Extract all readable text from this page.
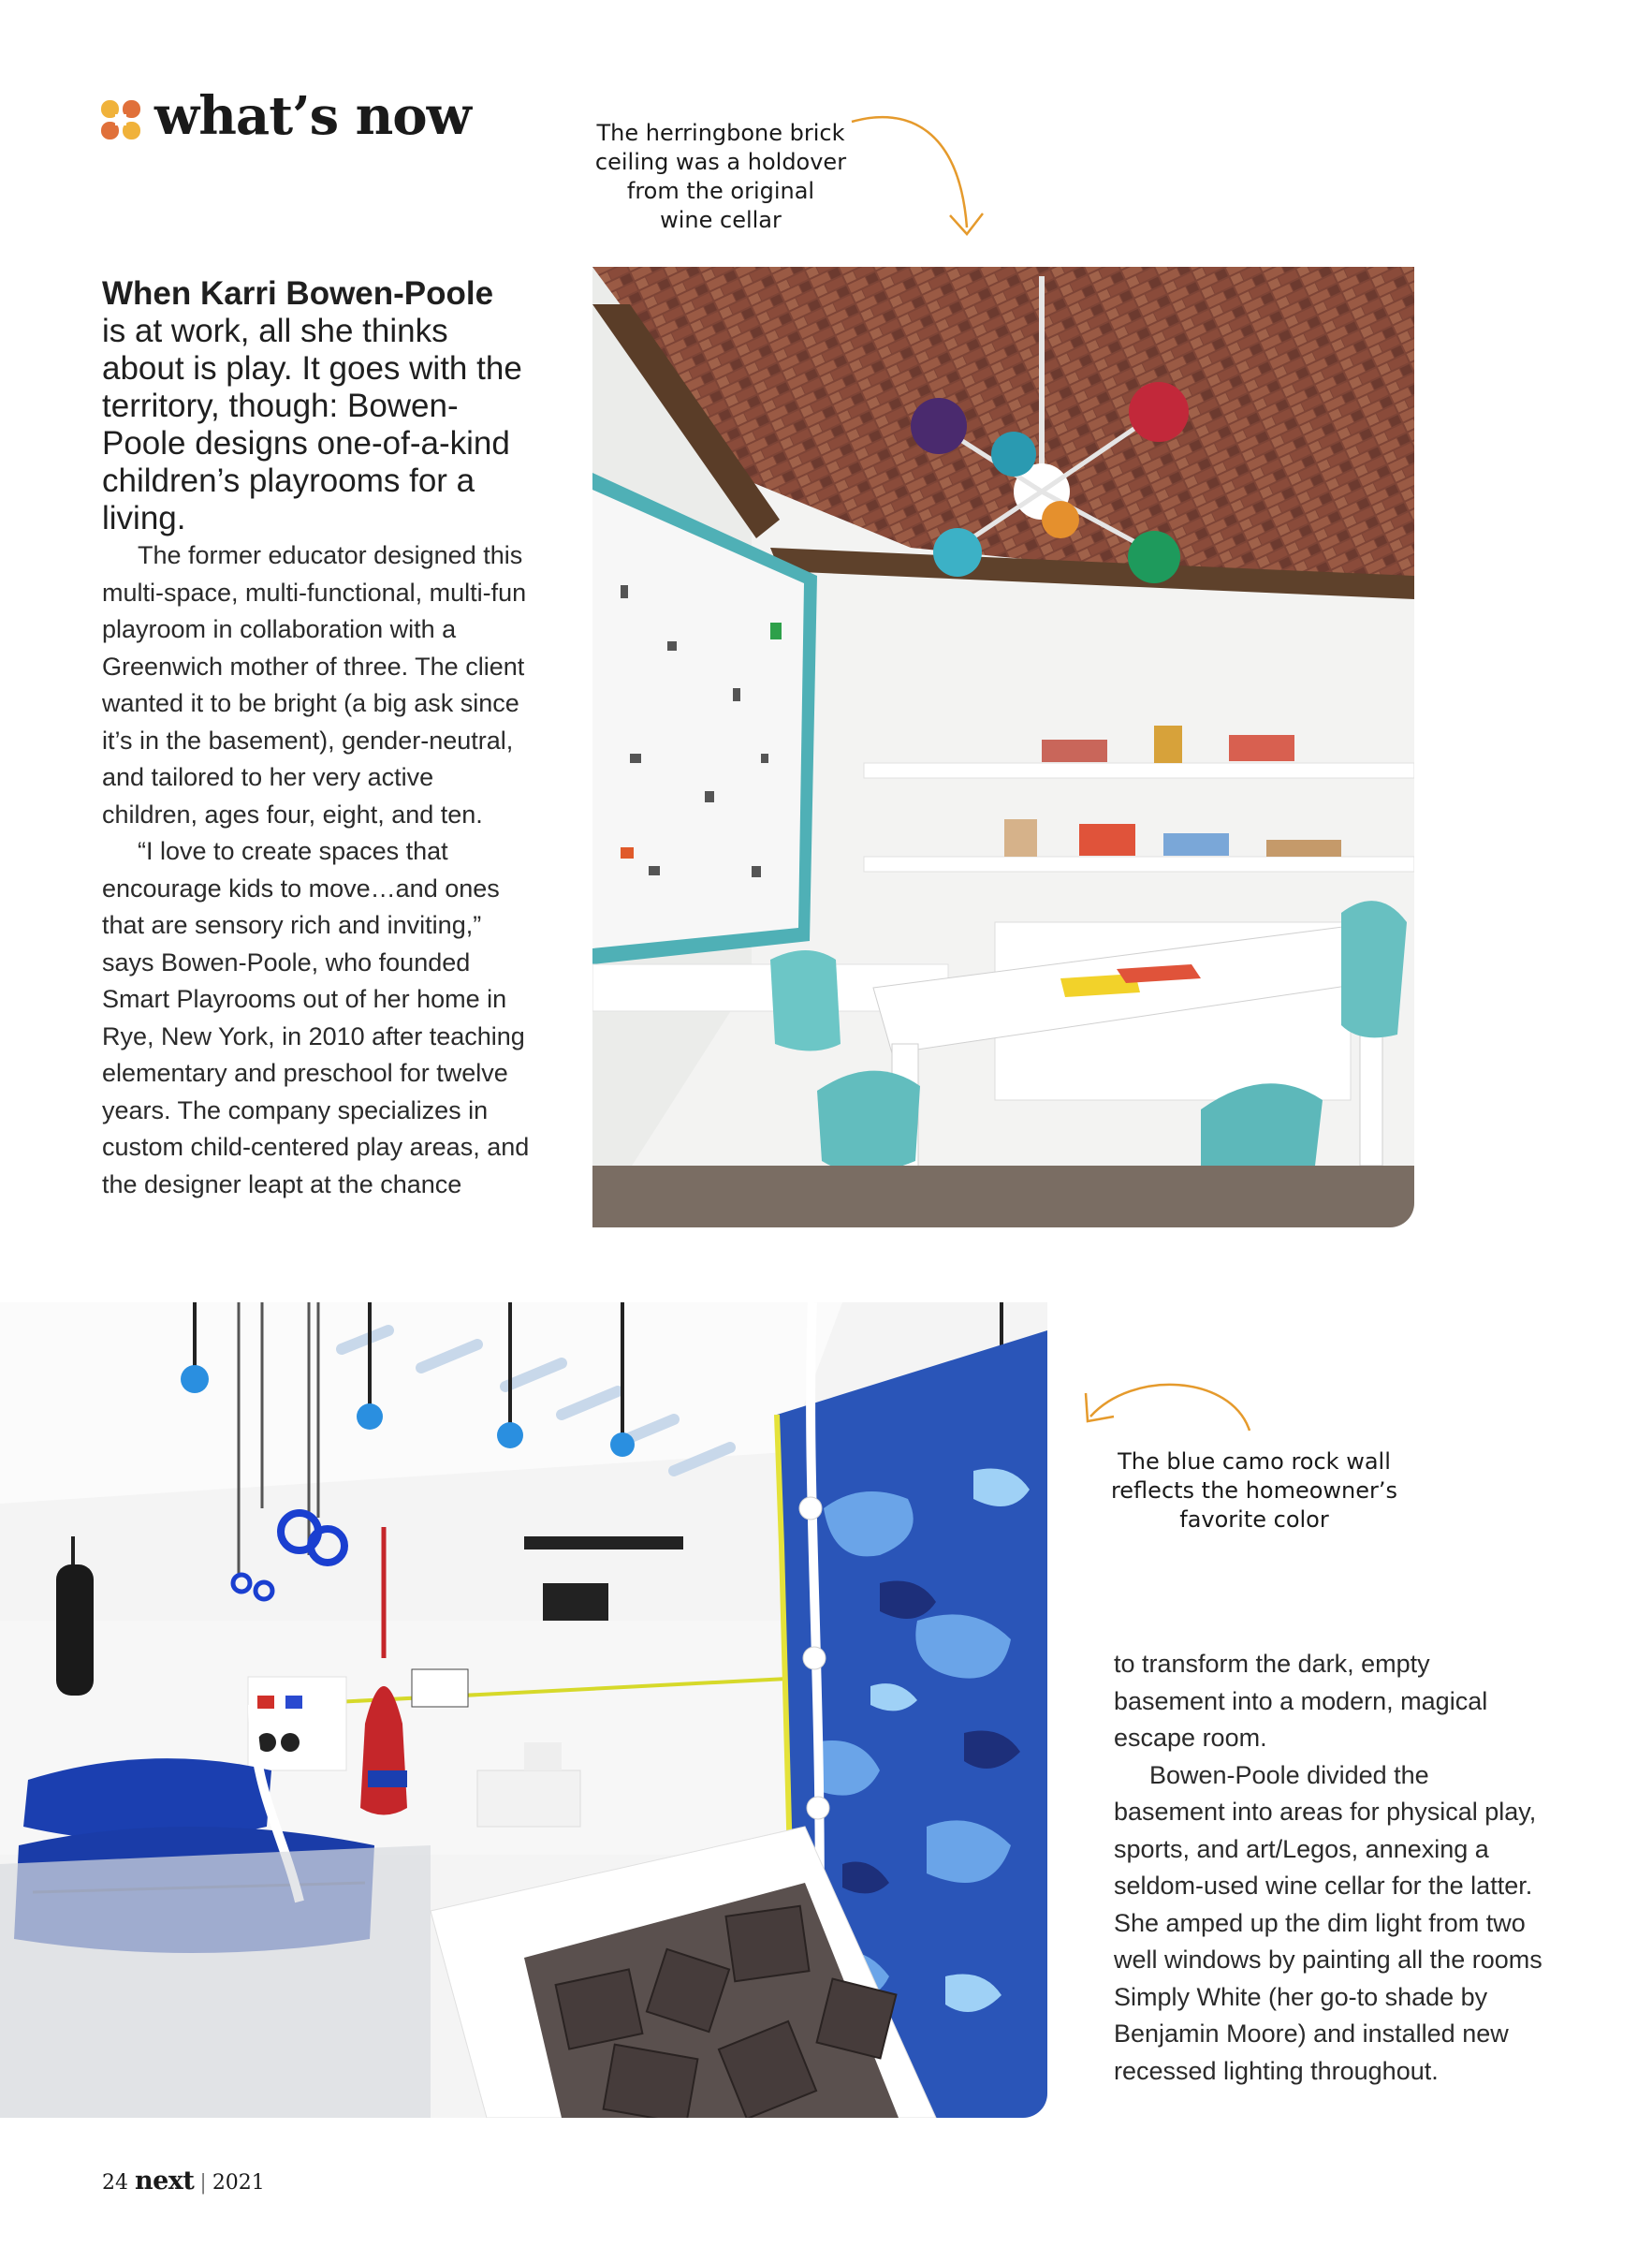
what’s now	The herringbone brick
ceiling was a holdover
from the original
wine cellar

When Karri Bowen-Poole
is at work, all she thinks about is play. It goes with the territory, though: Bowen-Poole designs one-of-a-kind children’s playrooms for a living.

The former educator designed this multi-space, multi-functional, multi-fun playroom in collaboration with a Greenwich mother of three. The client wanted it to be bright (a big ask since it’s in the basement), gender-neutral, and tailored to her very active children, ages four, eight, and ten.

“I love to create spaces that encourage kids to move…and ones that are sensory rich and inviting,” says Bowen-Poole, who founded Smart Playrooms out of her home in Rye, New York, in 2010 after teaching elementary and preschool for twelve years. The company specializes in custom child-centered play areas, and the designer leapt at the chance

The blue camo rock wall
reflects the homeowner’s
favorite color

to transform the dark, empty basement into a modern, magical escape room.

Bowen-Poole divided the basement into areas for physical play, sports, and art/Legos, annexing a seldom-used wine cellar for the latter. She amped up the dim light from two well windows by painting all the rooms Simply White (her go-to shade by Benjamin Moore) and installed new recessed lighting throughout.

24 next | 2021
